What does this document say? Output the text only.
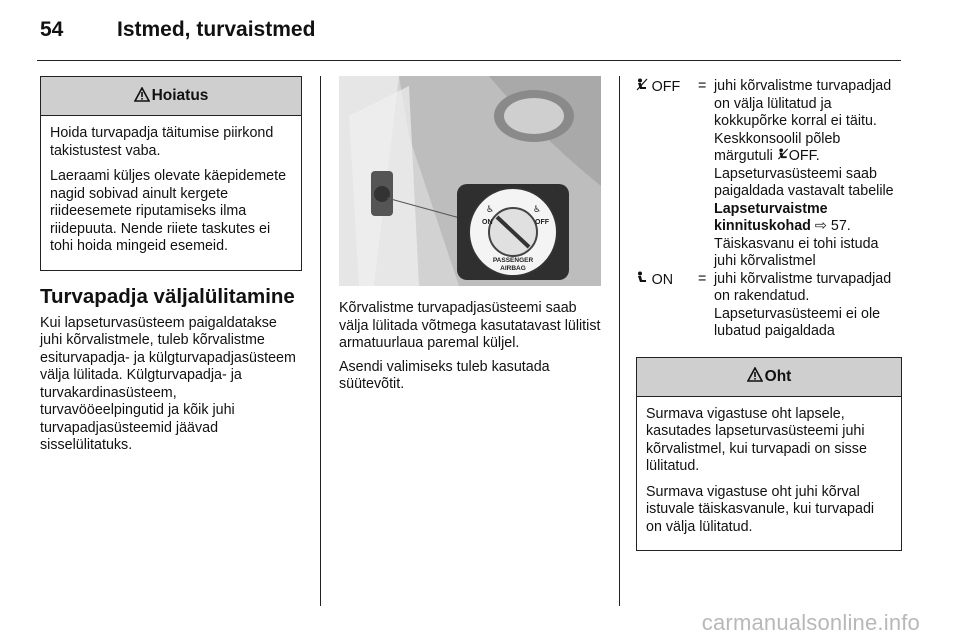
54	Istmed, turvaistmed
Hoiatus

Hoida turvapadja täitumise piirkond takistustest vaba.

Laeraami küljes olevate käepidemete nagid sobivad ainult kergete riideesemete riputamiseks ilma riidepuuta. Nende riiete taskutes ei tohi hoida mingeid esemeid.

Turvapadja väljalülitamine

Kui lapseturvasüsteem paigaldatakse juhi kõrvalistmele, tuleb kõrvalistme esiturvapadja- ja külgturvapadjasüsteem välja lülitada. Külgturvapadja- ja turvakardinasüsteem, turvavööeelpingutid ja kõik juhi turvapadjasüsteemid jäävad sisselülitatuks.

ON	OFF
PASSENGER
AIRBAG
♿	♿

Kõrvalistme turvapadjasüsteemi saab välja lülitada võtmega kasutatavast lülitist armatuurlaua paremal küljel.

Asendi valimiseks tuleb kasutada süütevõtit.

OFF	= juhi kõrvalistme turvapadjad on välja lülitatud ja kokkupõrke korral ei täitu. Keskkonsoolil põleb märgutuli OFF. Lapseturvasüsteemi saab paigaldada vastavalt tabelile Lapseturvaistme kinnituskohad ⇨ 57. Täiskasvanu ei tohi istuda juhi kõrvalistmel
ON	= juhi kõrvalistme turvapadjad on rakendatud. Lapseturvasüsteemi ei ole lubatud paigaldada
Oht

Surmava vigastuse oht lapsele, kasutades lapseturvasüsteemi juhi kõrvalistmel, kui turvapadi on sisse lülitatud.

Surmava vigastuse oht juhi kõrval istuvale täiskasvanule, kui turvapadi on välja lülitatud.

carmanualsonline.info
